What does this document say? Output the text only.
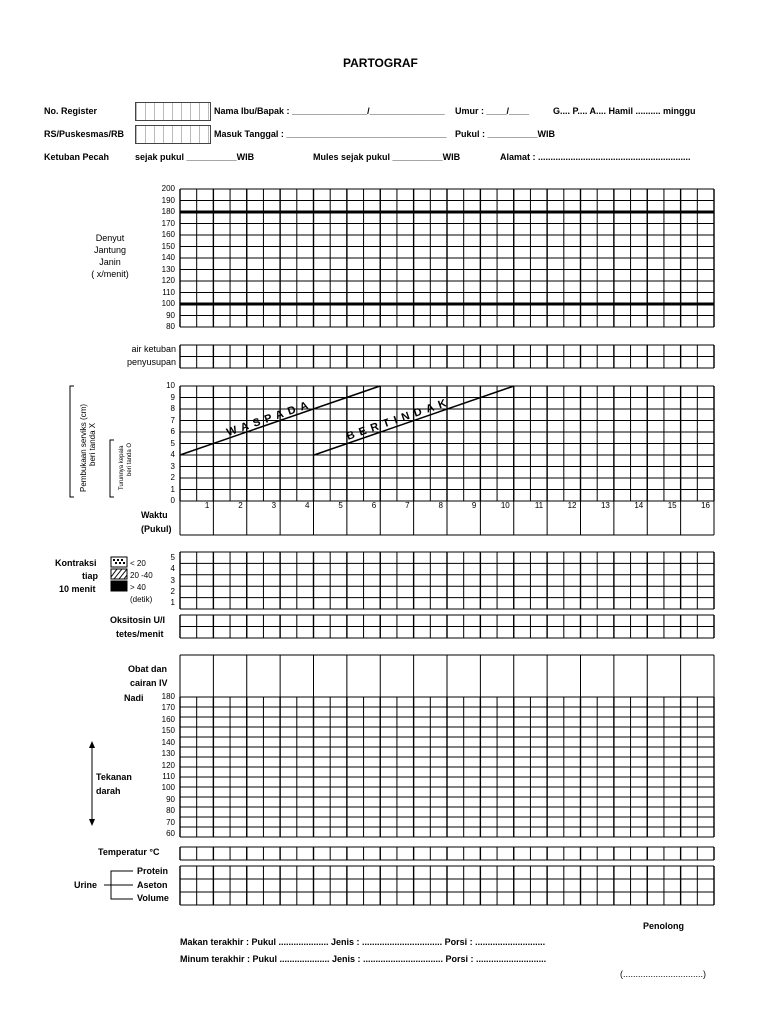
PARTOGRAF
No. Register
RS/Puskesmas/RB
Ketuban Pecah	sejak pukul __________WIB
Nama Ibu/Bapak : _______________/_______________
Masuk Tanggal : ________________________________
Mules sejak pukul __________WIB
Umur : ____/____	G.... P.... A.... Hamil .......... minggu
Pukul : __________WIB
Alamat : .............................................................
WASPADA	BERTINDAK
Pembukaan serviks (cm) beri tanda X
Turunnya kepala beri tanda O
Denyut
Jantung
Janin
( x/menit)
200
190
180
170
160
150
140
130
120
110
100
90
80
air ketuban
penyusupan
10
9
8
7
6
5
4
3
2
1
0
1	2	3	4	5	6	7	8	9	10	11	12	13	14	15	16
Waktu
(Pukul)
Kontraksi
tiap
10 menit
< 20
20 -40
> 40
(detik)
5
4
3
2
1
Oksitosin U/I
tetes/menit
Obat dan
cairan IV
Nadi
Tekanan
darah
180
170
160
150
140
130
120
110
100
90
80
70
60
Temperatur °C
Urine
Protein
Aseton
Volume
Penolong
Makan terakhir : Pukul .................... Jenis : ................................ Porsi : ............................
Minum terakhir : Pukul .................... Jenis : ................................ Porsi : ............................
(................................)
